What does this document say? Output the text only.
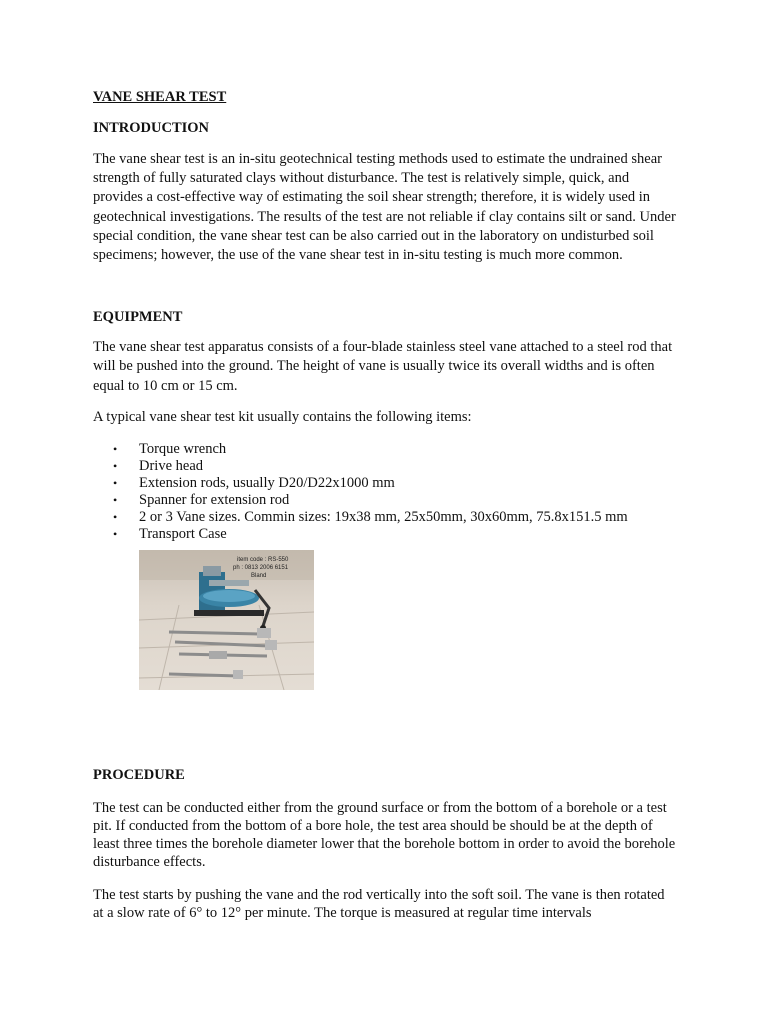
VANE SHEAR TEST
INTRODUCTION

The vane shear test is an in-situ geotechnical testing methods used to estimate the undrained shear strength of fully saturated clays without disturbance. The test is relatively simple, quick, and provides a cost-effective way of estimating the soil shear strength; therefore, it is widely used in geotechnical investigations. The results of the test are not reliable if clay contains silt or sand. Under special condition, the vane shear test can be also carried out in the laboratory on undisturbed soil specimens; however, the use of the vane shear test in in-situ testing is much more common.

EQUIPMENT

The vane shear test apparatus consists of a four-blade stainless steel vane attached to a steel rod that will be pushed into the ground. The height of vane is usually twice its overall widths and is often equal to 10 cm or 15 cm.

A typical vane shear test kit usually contains the following items:

• Torque wrench
• Drive head
• Extension rods, usually D20/D22x1000 mm
• Spanner for extension rod
• 2 or 3 Vane sizes. Commin sizes: 19x38 mm, 25x50mm, 30x60mm, 75.8x151.5 mm
• Transport Case
item code : RS-550
ph : 0813 2006 6151
Bland
PROCEDURE

The test can be conducted either from the ground surface or from the bottom of a borehole or a test pit. If conducted from the bottom of a bore hole, the test area should be should be at the depth of least three times the borehole diameter lower that the borehole bottom in order to avoid the borehole disturbance effects.

The test starts by pushing the vane and the rod vertically into the soft soil. The vane is then rotated at a slow rate of 6° to 12° per minute. The torque is measured at regular time intervals
